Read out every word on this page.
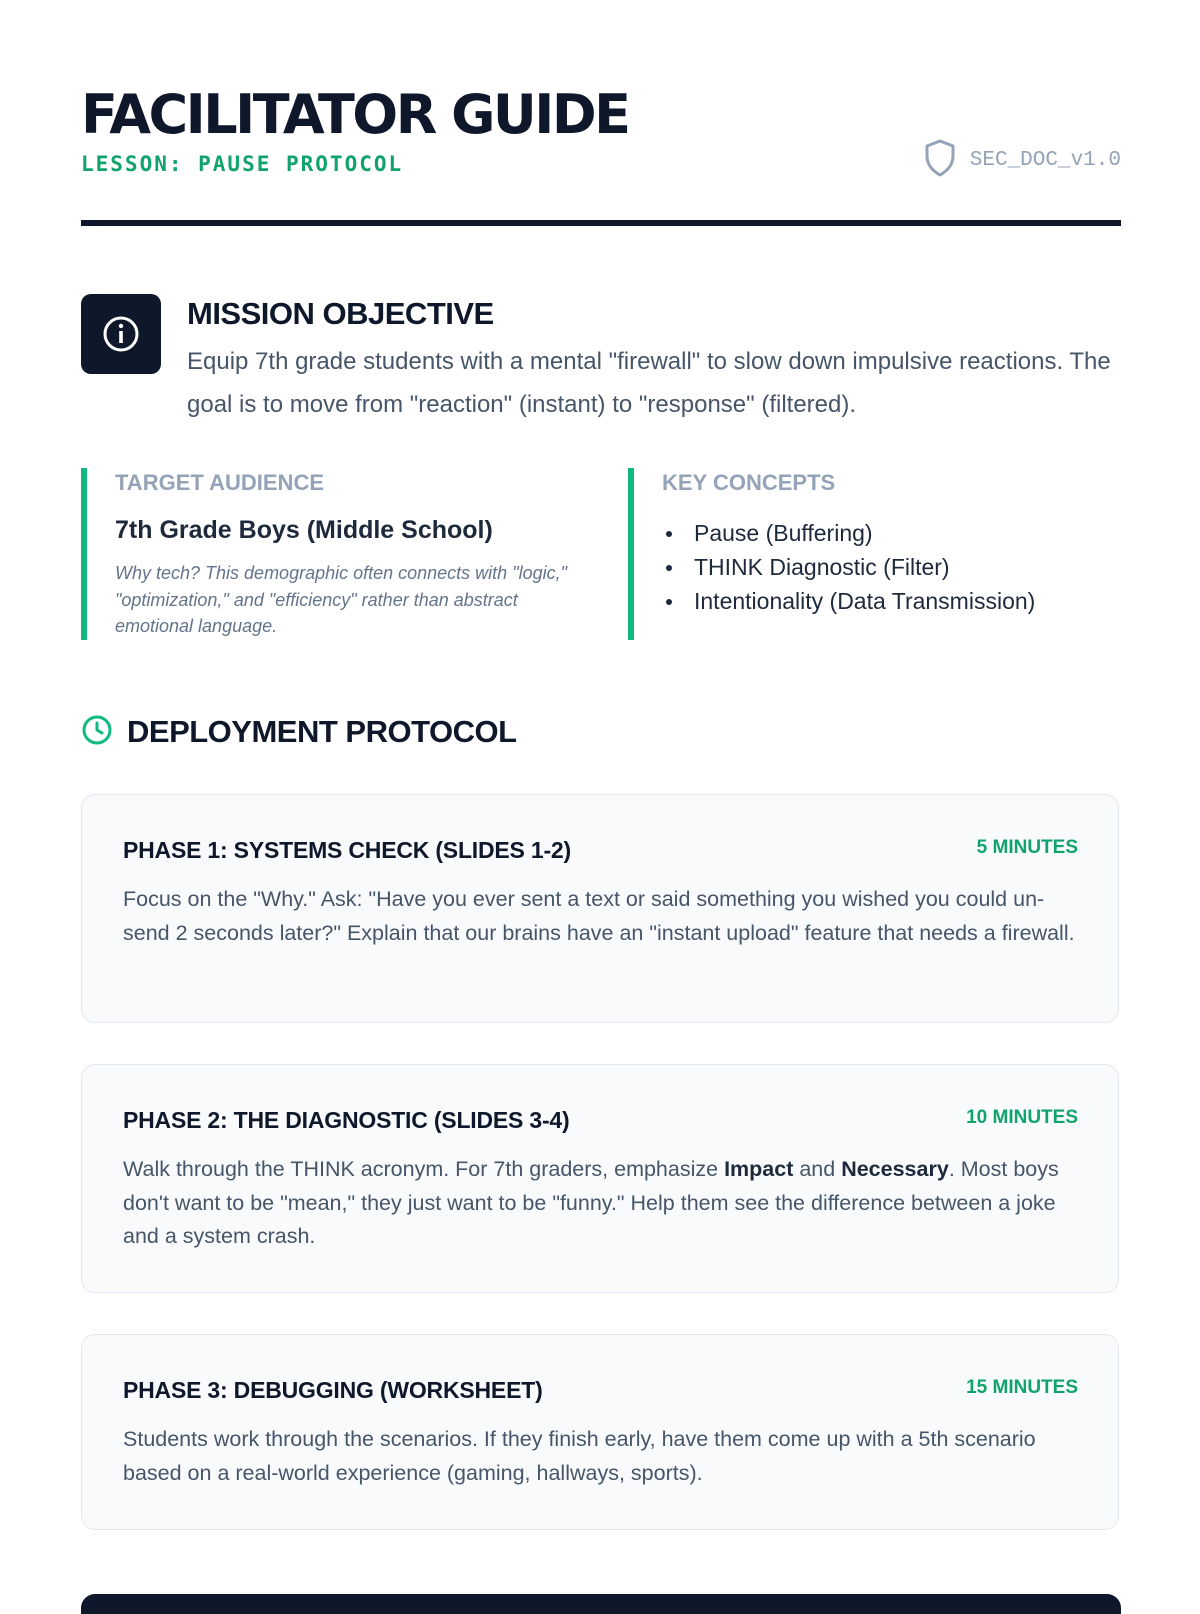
FACILITATOR GUIDE
LESSON: PAUSE PROTOCOL	SEC_DOC_v1.0
MISSION OBJECTIVE

Equip 7th grade students with a mental "firewall" to slow down impulsive reactions. The goal is to move from "reaction" (instant) to "response" (filtered).

TARGET AUDIENCE
7th Grade Boys (Middle School)

Why tech? This demographic often connects with "logic," "optimization," and "efficiency" rather than abstract emotional language.

KEY CONCEPTS
Pause (Buffering)
THINK Diagnostic (Filter)
Intentionality (Data Transmission)
DEPLOYMENT PROTOCOL
PHASE 1: SYSTEMS CHECK (SLIDES 1-2)	5 MINUTES

Focus on the "Why." Ask: "Have you ever sent a text or said something you wished you could un-send 2 seconds later?" Explain that our brains have an "instant upload" feature that needs a firewall.

PHASE 2: THE DIAGNOSTIC (SLIDES 3-4)	10 MINUTES

Walk through the THINK acronym. For 7th graders, emphasize Impact and Necessary. Most boys don't want to be "mean," they just want to be "funny." Help them see the difference between a joke and a system crash.

PHASE 3: DEBUGGING (WORKSHEET)	15 MINUTES

Students work through the scenarios. If they finish early, have them come up with a 5th scenario based on a real-world experience (gaming, hallways, sports).
